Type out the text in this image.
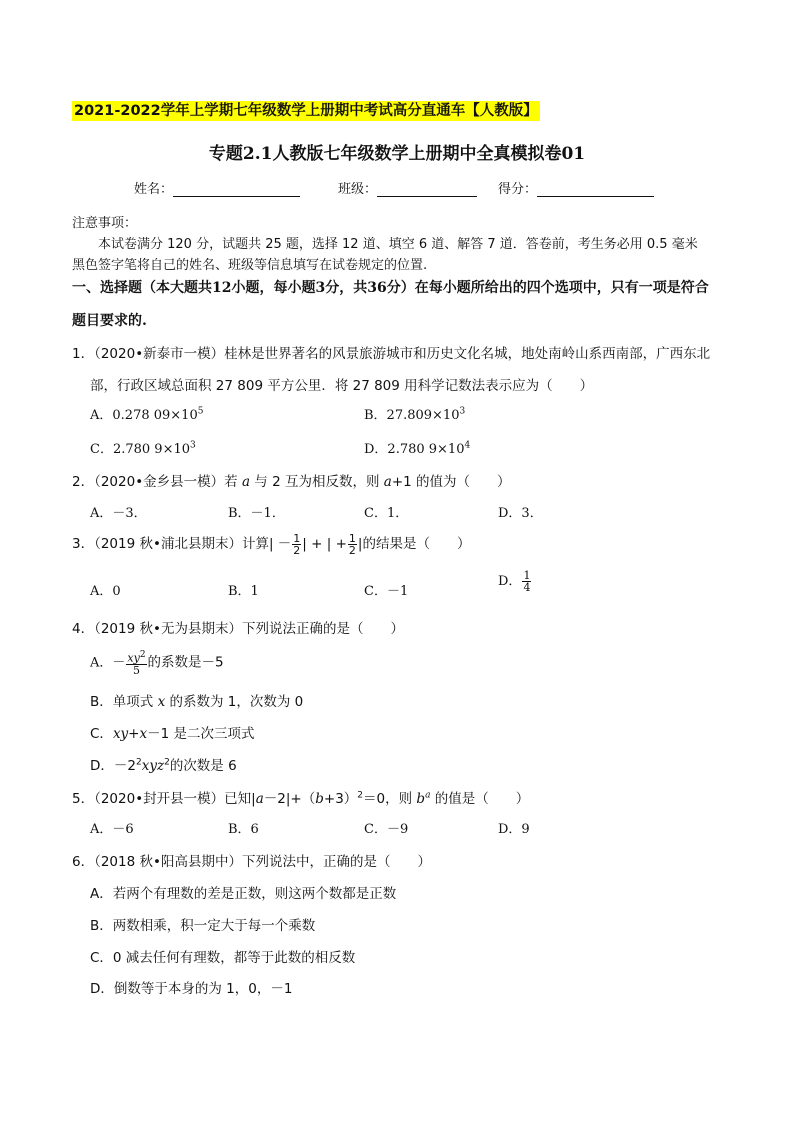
2021-2022学年上学期七年级数学上册期中考试高分直通车【人教版】
专题2.1人教版七年级数学上册期中全真模拟卷01
姓名：	班级：	得分：
注意事项：
本试卷满分 120 分，试题共 25 题，选择 12 道、填空 6 道、解答 7 道．答卷前，考生务必用 0.5 毫米
黑色签字笔将自己的姓名、班级等信息填写在试卷规定的位置.
一、选择题（本大题共12小题，每小题3分，共36分）在每小题所给出的四个选项中，只有一项是符合
题目要求的.
1．（2020•新泰市一模）桂林是世界著名的风景旅游城市和历史文化名城，地处南岭山系西南部，广西东北
部，行政区域总面积 27 809 平方公里．将 27 809 用科学记数法表示应为（　　）
A．0.278 $09\times 10^5$	B．$27.809\times 10^3$
C．2.780 $9\times 10^3$	D．2.780 $9\times 10^4$
2．（2020•金乡县一模）若 a 与 2 互为相反数，则 a+1 的值为（　　）
A．－3．	B．－1．	C．1．	D．3．
3．（2019 秋•浦北县期末）计算| － $\frac{1}{2}$ | + | + $\frac{1}{2}$ |的结果是（　　）
A．0	B．1	C．－1
D． $\frac{1}{4}$
4．（2019 秋•无为县期末）下列说法正确的是（　　）
A．－ $\frac{xy^2}{5}$ 的系数是－5
B．单项式 x 的系数为 1，次数为 0
C．xy+x－1 是二次三项式
D．$-2^2xyz^2$的次数是 6
5．（2020•封开县一模）已知$|a-2|+(b+3)^2=0$，则 $b^a$ 的值是（　　）
A．－6	B．6	C．－9	D．9
6．（2018 秋•阳高县期中）下列说法中，正确的是（　　）
A．若两个有理数的差是正数，则这两个数都是正数
B．两数相乘，积一定大于每一个乘数
C．0 减去任何有理数，都等于此数的相反数
D．倒数等于本身的为 1，0，－1
